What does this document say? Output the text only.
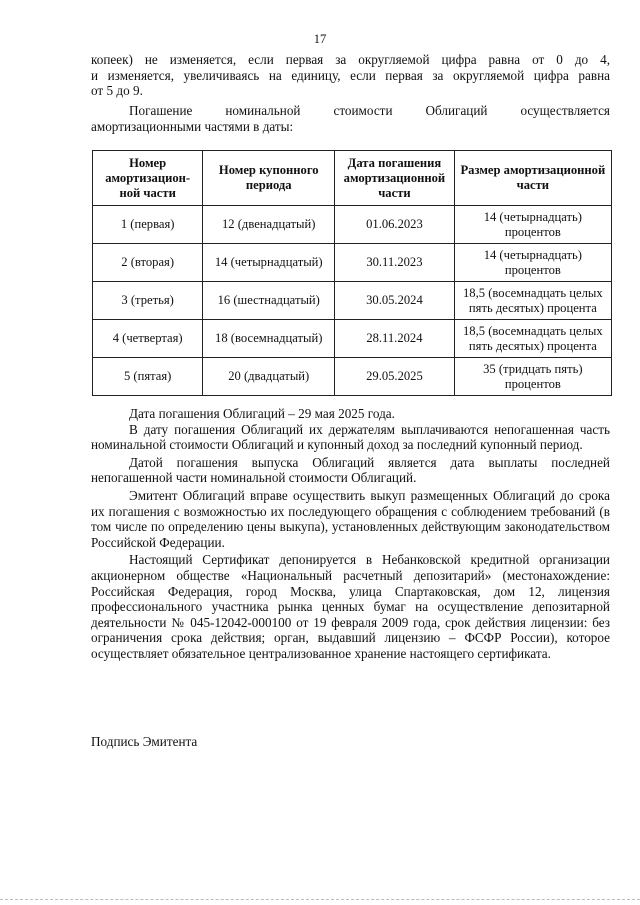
17
копеек) не изменяется, если первая за округляемой цифра равна от 0 до 4,
и изменяется, увеличиваясь на единицу, если первая за округляемой цифра равна
от 5 до 9.
Погашение номинальной стоимости Облигаций осуществляется
амортизационными частями в даты:
Номер амортизацион-ной части	Номер купонного периода	Дата погашения амортизационной части	Размер амортизационной части
1 (первая)	12 (двенадцатый)	01.06.2023	14 (четырнадцать) процентов
2 (вторая)	14 (четырнадцатый)	30.11.2023	14 (четырнадцать) процентов
3 (третья)	16 (шестнадцатый)	30.05.2024	18,5 (восемнадцать целых пять десятых) процента
4 (четвертая)	18 (восемнадцатый)	28.11.2024	18,5 (восемнадцать целых пять десятых) процента
5 (пятая)	20 (двадцатый)	29.05.2025	35 (тридцать пять) процентов
Дата погашения Облигаций – 29 мая 2025 года.
В дату погашения Облигаций их держателям выплачиваются непогашенная часть номинальной стоимости Облигаций и купонный доход за последний купонный период.
Датой погашения выпуска Облигаций является дата выплаты последней непогашенной части номинальной стоимости Облигаций.
Эмитент Облигаций вправе осуществить выкуп размещенных Облигаций до срока их погашения с возможностью их последующего обращения с соблюдением требований (в том числе по определению цены выкупа), установленных действующим законодательством Российской Федерации.
Настоящий Сертификат депонируется в Небанковской кредитной организации акционерном обществе «Национальный расчетный депозитарий» (местонахождение: Российская Федерация, город Москва, улица Спартаковская, дом 12, лицензия профессионального участника рынка ценных бумаг на осуществление депозитарной деятельности № 045-12042-000100 от 19 февраля 2009 года, срок действия лицензии: без ограничения срока действия; орган, выдавший лицензию – ФСФР России), которое осуществляет обязательное централизованное хранение настоящего сертификата.
Подпись Эмитента
